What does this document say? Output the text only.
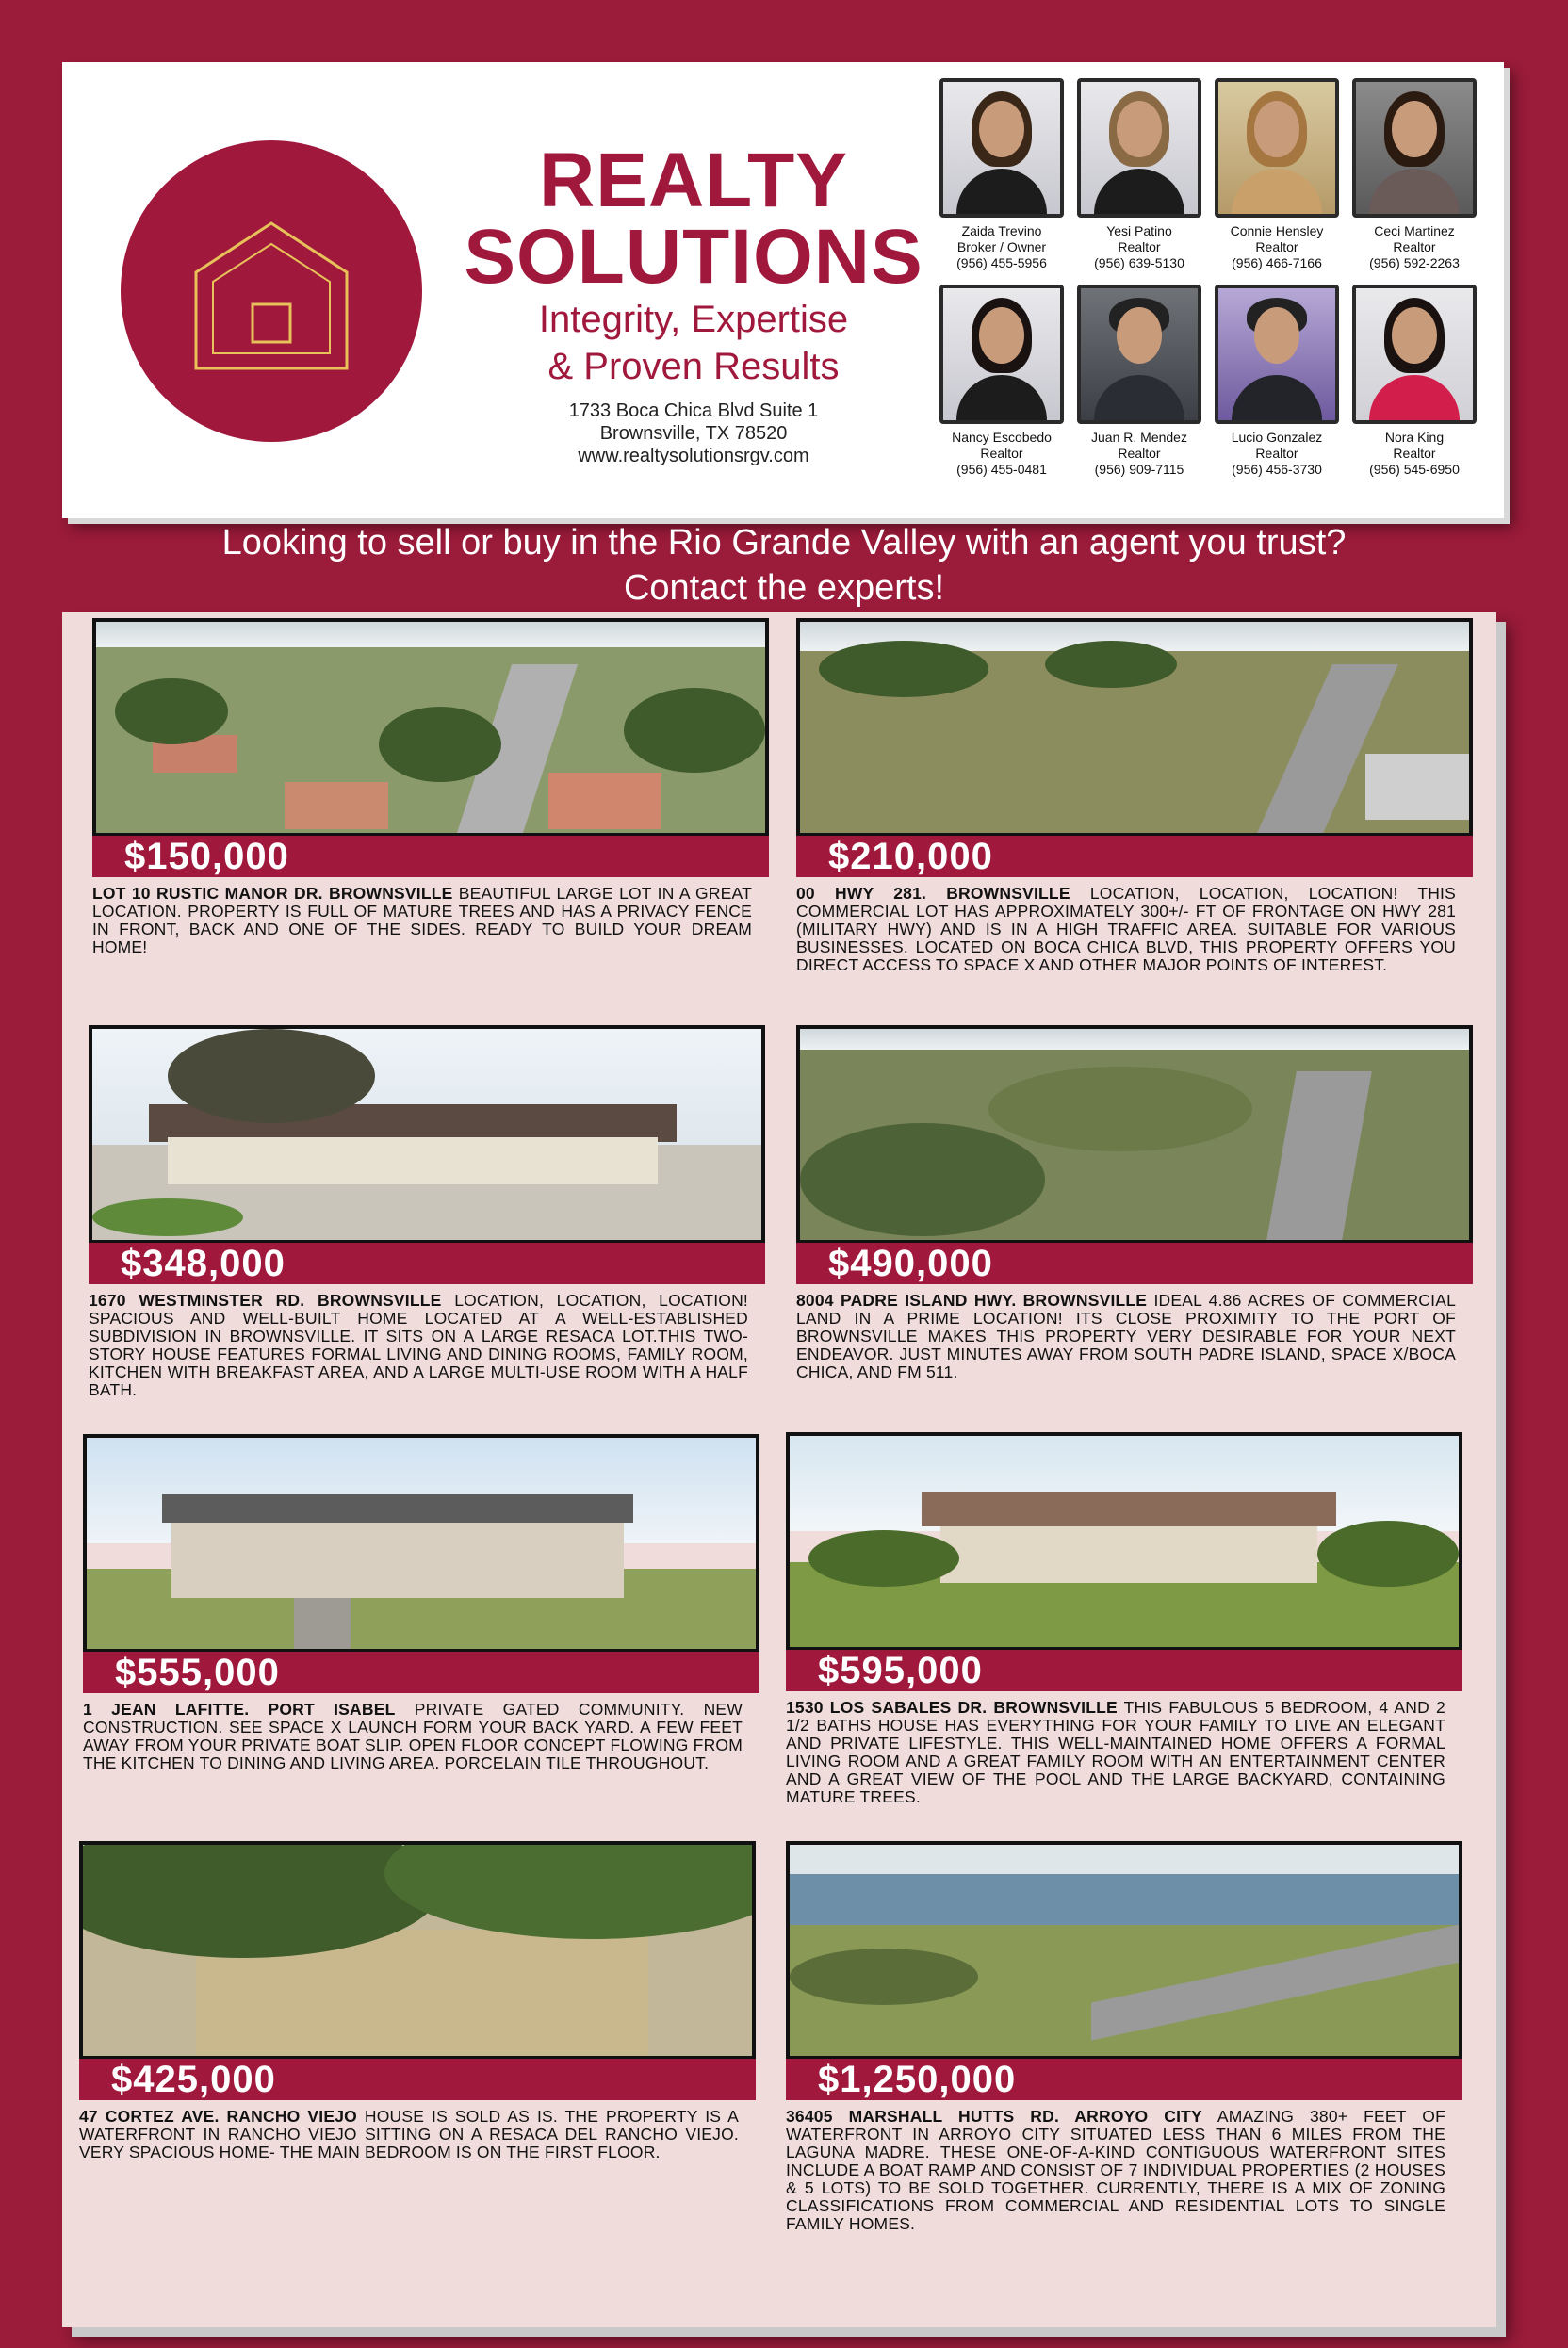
REALTY
SOLUTIONS
Integrity, Expertise
& Proven Results
1733 Boca Chica Blvd Suite 1
Brownsville, TX 78520
www.realtysolutionsrgv.com
Zaida Trevino
Broker / Owner
(956) 455-5956
Yesi Patino
Realtor
(956) 639-5130
Connie Hensley
Realtor
(956) 466-7166
Ceci Martinez
Realtor
(956) 592-2263
Nancy Escobedo
Realtor
(956) 455-0481
Juan R. Mendez
Realtor
(956) 909-7115
Lucio Gonzalez
Realtor
(956) 456-3730
Nora King
Realtor
(956) 545-6950
Looking to sell or buy in the Rio Grande Valley with an agent you trust?
Contact the experts!
$150,000
LOT 10 RUSTIC MANOR DR. BROWNSVILLE BEAUTIFUL LARGE LOT IN A GREAT LOCATION. PROPERTY IS FULL OF MATURE TREES AND HAS A PRIVACY FENCE IN FRONT, BACK AND ONE OF THE SIDES. READY TO BUILD YOUR DREAM HOME!
$210,000
00 HWY 281. BROWNSVILLE LOCATION, LOCATION, LOCATION! THIS COMMERCIAL LOT HAS APPROXIMATELY 300+/- FT OF FRONTAGE ON HWY 281 (MILITARY HWY) AND IS IN A HIGH TRAFFIC AREA. SUITABLE FOR VARIOUS BUSINESSES. LOCATED ON BOCA CHICA BLVD, THIS PROPERTY OFFERS YOU DIRECT ACCESS TO SPACE X AND OTHER MAJOR POINTS OF INTEREST.
$348,000
1670 WESTMINSTER RD. BROWNSVILLE LOCATION, LOCATION, LOCATION! SPACIOUS AND WELL-BUILT HOME LOCATED AT A WELL-ESTABLISHED SUBDIVISION IN BROWNSVILLE. IT SITS ON A LARGE RESACA LOT.THIS TWO-STORY HOUSE FEATURES FORMAL LIVING AND DINING ROOMS, FAMILY ROOM, KITCHEN WITH BREAKFAST AREA, AND A LARGE MULTI-USE ROOM WITH A HALF BATH.
$490,000
8004 PADRE ISLAND HWY. BROWNSVILLE IDEAL 4.86 ACRES OF COMMERCIAL LAND IN A PRIME LOCATION! ITS CLOSE PROXIMITY TO THE PORT OF BROWNSVILLE MAKES THIS PROPERTY VERY DESIRABLE FOR YOUR NEXT ENDEAVOR. JUST MINUTES AWAY FROM SOUTH PADRE ISLAND, SPACE X/BOCA CHICA, AND FM 511.
$555,000
1 JEAN LAFITTE. PORT ISABEL PRIVATE GATED COMMUNITY. NEW CONSTRUCTION. SEE SPACE X LAUNCH FORM YOUR BACK YARD. A FEW FEET AWAY FROM YOUR PRIVATE BOAT SLIP. OPEN FLOOR CONCEPT FLOWING FROM THE KITCHEN TO DINING AND LIVING AREA. PORCELAIN TILE THROUGHOUT.
$595,000
1530 LOS SABALES DR. BROWNSVILLE THIS FABULOUS 5 BEDROOM, 4 AND 2 1/2 BATHS HOUSE HAS EVERYTHING FOR YOUR FAMILY TO LIVE AN ELEGANT AND PRIVATE LIFESTYLE. THIS WELL-MAINTAINED HOME OFFERS A FORMAL LIVING ROOM AND A GREAT FAMILY ROOM WITH AN ENTERTAINMENT CENTER AND A GREAT VIEW OF THE POOL AND THE LARGE BACKYARD, CONTAINING MATURE TREES.
$425,000
47 CORTEZ AVE. RANCHO VIEJO HOUSE IS SOLD AS IS. THE PROPERTY IS A WATERFRONT IN RANCHO VIEJO SITTING ON A RESACA DEL RANCHO VIEJO. VERY SPACIOUS HOME- THE MAIN BEDROOM IS ON THE FIRST FLOOR.
$1,250,000
36405 MARSHALL HUTTS RD. ARROYO CITY AMAZING 380+ FEET OF WATERFRONT IN ARROYO CITY SITUATED LESS THAN 6 MILES FROM THE LAGUNA MADRE. THESE ONE-OF-A-KIND CONTIGUOUS WATERFRONT SITES INCLUDE A BOAT RAMP AND CONSIST OF 7 INDIVIDUAL PROPERTIES (2 HOUSES & 5 LOTS) TO BE SOLD TOGETHER. CURRENTLY, THERE IS A MIX OF ZONING CLASSIFICATIONS FROM COMMERCIAL AND RESIDENTIAL LOTS TO SINGLE FAMILY HOMES.
